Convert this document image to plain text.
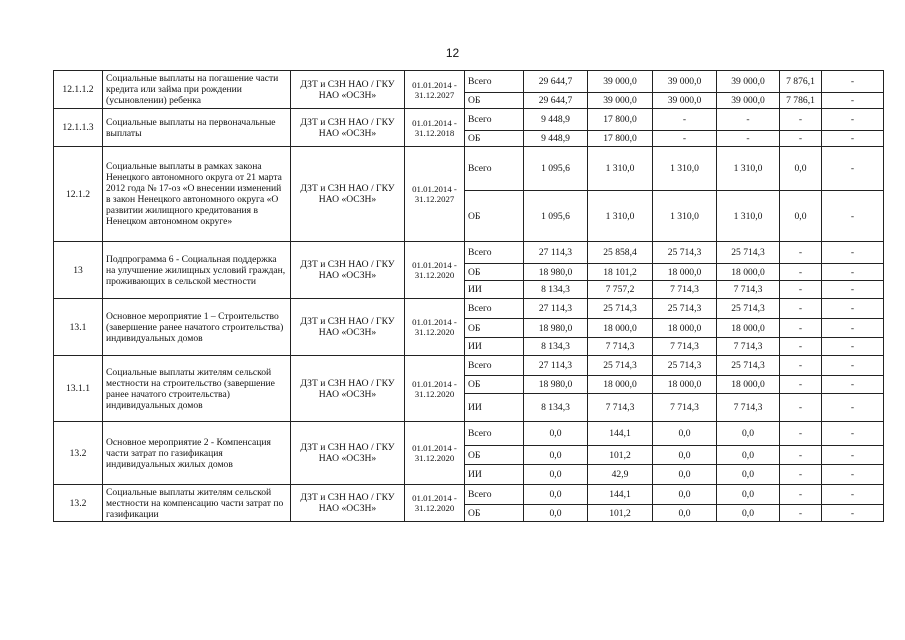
12
12.1.1.2	Социальные выплаты на погашение части кредита или займа при рождении (усыновлении) ребенка	ДЗТ и СЗН НАО / ГКУ НАО «ОСЗН»	01.01.2014 - 31.12.2027	Всего	29 644,7	39 000,0	39 000,0	39 000,0	7 876,1	-
				ОБ	29 644,7	39 000,0	39 000,0	39 000,0	7 786,1	-
12.1.1.3	Социальные выплаты на первоначальные выплаты	ДЗТ и СЗН НАО / ГКУ НАО «ОСЗН»	01.01.2014 - 31.12.2018	Всего	9 448,9	17 800,0	-	-	-	-
				ОБ	9 448,9	17 800,0	-	-	-	-
12.1.2	Социальные выплаты в рамках закона Ненецкого автономного округа от 21 марта 2012 года № 17-оз «О внесении изменений в закон Ненецкого автономного округа «О развитии жилищного кредитования в Ненецком автономном округе»	ДЗТ и СЗН НАО / ГКУ НАО «ОСЗН»	01.01.2014 - 31.12.2027	Всего	1 095,6	1 310,0	1 310,0	1 310,0	0,0	-
				ОБ	1 095,6	1 310,0	1 310,0	1 310,0	0,0	-
13	Подпрограмма 6 - Социальная поддержка на улучшение жилищных условий граждан, проживающих в сельской местности	ДЗТ и СЗН НАО / ГКУ НАО «ОСЗН»	01.01.2014 - 31.12.2020	Всего	27 114,3	25 858,4	25 714,3	25 714,3	-	-
				ОБ	18 980,0	18 101,2	18 000,0	18 000,0	-	-
				ИИ	8 134,3	7 757,2	7 714,3	7 714,3	-	-
13.1	Основное мероприятие 1 – Строительство (завершение ранее начатого строительства) индивидуальных домов	ДЗТ и СЗН НАО / ГКУ НАО «ОСЗН»	01.01.2014 - 31.12.2020	Всего	27 114,3	25 714,3	25 714,3	25 714,3	-	-
				ОБ	18 980,0	18 000,0	18 000,0	18 000,0	-	-
				ИИ	8 134,3	7 714,3	7 714,3	7 714,3	-	-
13.1.1	Социальные выплаты жителям сельской местности на строительство (завершение ранее начатого строительства) индивидуальных домов	ДЗТ и СЗН НАО / ГКУ НАО «ОСЗН»	01.01.2014 - 31.12.2020	Всего	27 114,3	25 714,3	25 714,3	25 714,3	-	-
				ОБ	18 980,0	18 000,0	18 000,0	18 000,0	-	-
				ИИ	8 134,3	7 714,3	7 714,3	7 714,3	-	-
13.2	Основное мероприятие 2 - Компенсация части затрат по газификация индивидуальных жилых домов	ДЗТ и СЗН НАО / ГКУ НАО «ОСЗН»	01.01.2014 - 31.12.2020	Всего	0,0	144,1	0,0	0,0	-	-
				ОБ	0,0	101,2	0,0	0,0	-	-
				ИИ	0,0	42,9	0,0	0,0	-	-
13.2	Социальные выплаты жителям сельской местности на компенсацию части затрат по газификации	ДЗТ и СЗН НАО / ГКУ НАО «ОСЗН»	01.01.2014 - 31.12.2020	Всего	0,0	144,1	0,0	0,0	-	-
				ОБ	0,0	101,2	0,0	0,0	-	-
